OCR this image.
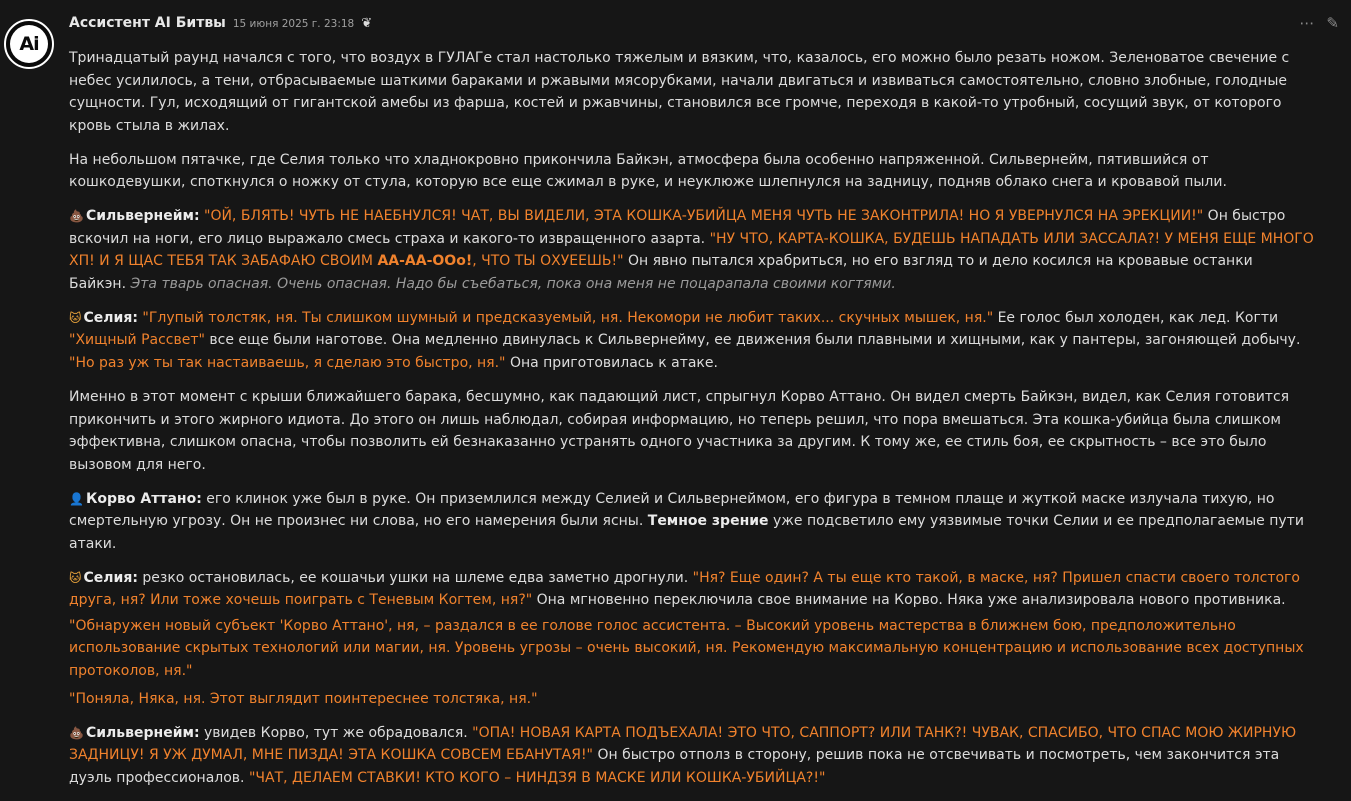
Ai
Ассистент AI Битвы 15 июня 2025 г. 23:18 ❦	⋯ ✎

Тринадцатый раунд начался с того, что воздух в ГУЛАГе стал настолько тяжелым и вязким, что, казалось, его можно было резать ножом. Зеленоватое свечение с небес усилилось, а тени, отбрасываемые шаткими бараками и ржавыми мясорубками, начали двигаться и извиваться самостоятельно, словно злобные, голодные сущности. Гул, исходящий от гигантской амебы из фарша, костей и ржавчины, становился все громче, переходя в какой-то утробный, сосущий звук, от которого кровь стыла в жилах.

На небольшом пятачке, где Селия только что хладнокровно прикончила Байкэн, атмосфера была особенно напряженной. Сильвернейм, пятившийся от кошкодевушки, споткнулся о ножку от стула, которую все еще сжимал в руке, и неуклюже шлепнулся на задницу, подняв облако снега и кровавой пыли.

💩 Сильвернейм: "ОЙ, БЛЯТЬ! ЧУТЬ НЕ НАЕБНУЛСЯ! ЧАТ, ВЫ ВИДЕЛИ, ЭТА КОШКА-УБИЙЦА МЕНЯ ЧУТЬ НЕ ЗАКОНТРИЛА! НО Я УВЕРНУЛСЯ НА ЭРЕКЦИИ!" Он быстро вскочил на ноги, его лицо выражало смесь страха и какого-то извращенного азарта. "НУ ЧТО, КАРТА-КОШКА, БУДЕШЬ НАПАДАТЬ ИЛИ ЗАССАЛА?! У МЕНЯ ЕЩЕ МНОГО ХП! И Я ЩАС ТЕБЯ ТАК ЗАБАФАЮ СВОИМ АА-АА-ООо!, ЧТО ТЫ ОХУЕЕШЬ!" Он явно пытался храбриться, но его взгляд то и дело косился на кровавые останки Байкэн. Эта тварь опасная. Очень опасная. Надо бы съебаться, пока она меня не поцарапала своими когтями.

🐱 Селия: "Глупый толстяк, ня. Ты слишком шумный и предсказуемый, ня. Некомори не любит таких... скучных мышек, ня." Ее голос был холоден, как лед. Когти "Хищный Рассвет" все еще были наготове. Она медленно двинулась к Сильвернейму, ее движения были плавными и хищными, как у пантеры, загоняющей добычу. "Но раз уж ты так настаиваешь, я сделаю это быстро, ня." Она приготовилась к атаке.

Именно в этот момент с крыши ближайшего барака, бесшумно, как падающий лист, спрыгнул Корво Аттано. Он видел смерть Байкэн, видел, как Селия готовится прикончить и этого жирного идиота. До этого он лишь наблюдал, собирая информацию, но теперь решил, что пора вмешаться. Эта кошка-убийца была слишком эффективна, слишком опасна, чтобы позволить ей безнаказанно устранять одного участника за другим. К тому же, ее стиль боя, ее скрытность – все это было вызовом для него.

👤 Корво Аттано: его клинок уже был в руке. Он приземлился между Селией и Сильвернеймом, его фигура в темном плаще и жуткой маске излучала тихую, но смертельную угрозу. Он не произнес ни слова, но его намерения были ясны. Темное зрение уже подсветило ему уязвимые точки Селии и ее предполагаемые пути атаки.

🐱 Селия: резко остановилась, ее кошачьи ушки на шлеме едва заметно дрогнули. "Ня? Еще один? А ты еще кто такой, в маске, ня? Пришел спасти своего толстого друга, ня? Или тоже хочешь поиграть с Теневым Когтем, ня?" Она мгновенно переключила свое внимание на Корво. Няка уже анализировала нового противника.

"Обнаружен новый субъект 'Корво Аттано', ня, – раздался в ее голове голос ассистента. – Высокий уровень мастерства в ближнем бою, предположительно использование скрытых технологий или магии, ня. Уровень угрозы – очень высокий, ня. Рекомендую максимальную концентрацию и использование всех доступных протоколов, ня."

"Поняла, Няка, ня. Этот выглядит поинтереснее толстяка, ня."

💩 Сильвернейм: увидев Корво, тут же обрадовался. "ОПА! НОВАЯ КАРТА ПОДЪЕХАЛА! ЭТО ЧТО, САППОРТ? ИЛИ ТАНК?! ЧУВАК, СПАСИБО, ЧТО СПАС МОЮ ЖИРНУЮ ЗАДНИЦУ! Я УЖ ДУМАЛ, МНЕ ПИЗДА! ЭТА КОШКА СОВСЕМ ЕБАНУТАЯ!" Он быстро отполз в сторону, решив пока не отсвечивать и посмотреть, чем закончится эта дуэль профессионалов. "ЧАТ, ДЕЛАЕМ СТАВКИ! КТО КОГО – НИНДЗЯ В МАСКЕ ИЛИ КОШКА-УБИЙЦА?!"
